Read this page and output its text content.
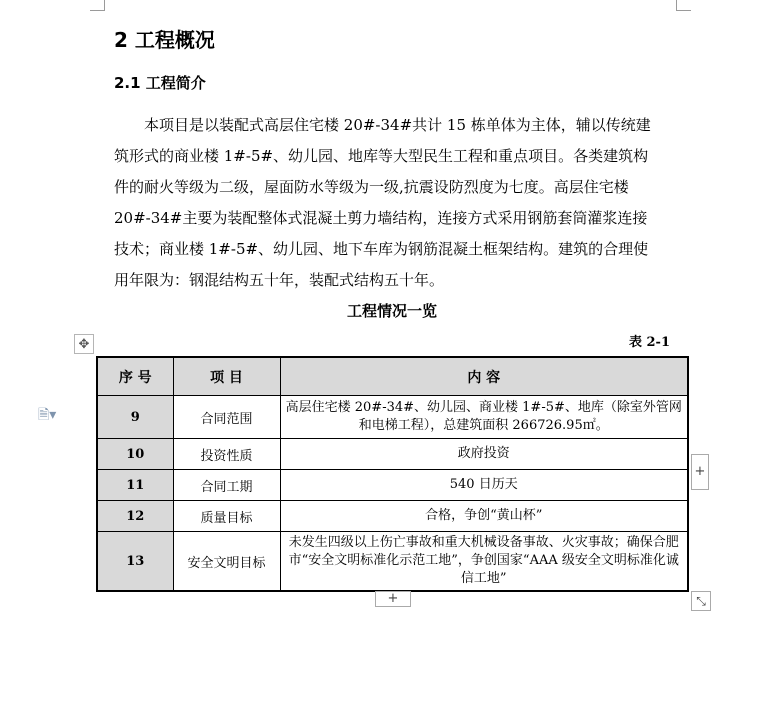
2 工程概况
2.1 工程简介
本项目是以装配式高层住宅楼 20#-34#共计 15 栋单体为主体，辅以传统建
筑形式的商业楼 1#-5#、幼儿园、地库等大型民生工程和重点项目。各类建筑构
件的耐火等级为二级，屋面防水等级为一级,抗震设防烈度为七度。高层住宅楼
20#-34#主要为装配整体式混凝土剪力墙结构，连接方式采用钢筋套筒灌浆连接
技术；商业楼 1#-5#、幼儿园、地下车库为钢筋混凝土框架结构。建筑的合理使
用年限为：钢混结构五十年，装配式结构五十年。
工程情况一览
表 2-1
✥
🗎▾
序 号	项 目	内 容
9	合同范围	高层住宅楼 20#-34#、幼儿园、商业楼 1#-5#、地库（除室外管网和电梯工程），总建筑面积 266726.95㎡。
10	投资性质	政府投资
11	合同工期	540 日历天
12	质量目标	合格，争创“黄山杯”
13	安全文明目标	未发生四级以上伤亡事故和重大机械设备事故、火灾事故；确保合肥市“安全文明标准化示范工地”，争创国家“AAA 级安全文明标准化诚信工地”
+
+	⤡
